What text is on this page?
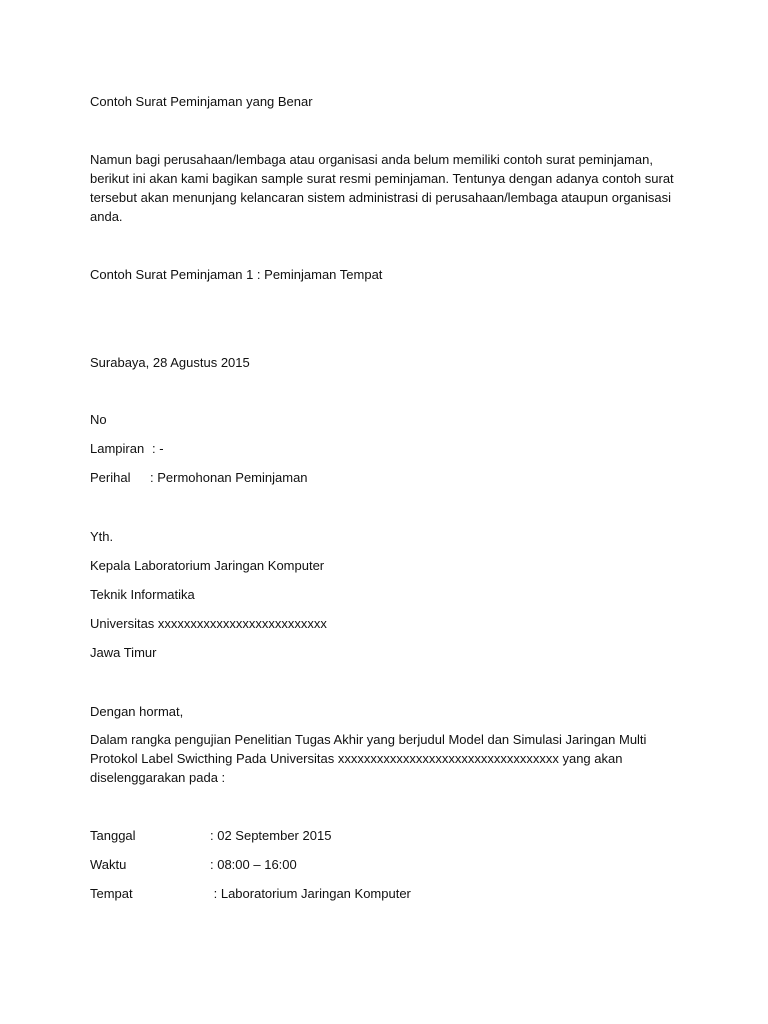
Contoh Surat Peminjaman yang Benar
Namun bagi perusahaan/lembaga atau organisasi anda belum memiliki contoh surat peminjaman,
berikut ini akan kami bagikan sample surat resmi peminjaman. Tentunya dengan adanya contoh surat
tersebut akan menunjang kelancaran sistem administrasi di perusahaan/lembaga ataupun organisasi
anda.
Contoh Surat Peminjaman 1 : Peminjaman Tempat
Surabaya, 28 Agustus 2015
No
Lampiran : -
Perihal : Permohonan Peminjaman
Yth.
Kepala Laboratorium Jaringan Komputer
Teknik Informatika
Universitas xxxxxxxxxxxxxxxxxxxxxxxxxx
Jawa Timur
Dengan hormat,
Dalam rangka pengujian Penelitian Tugas Akhir yang berjudul Model dan Simulasi Jaringan Multi
Protokol Label Swicthing Pada Universitas xxxxxxxxxxxxxxxxxxxxxxxxxxxxxxxxxx yang akan
diselenggarakan pada :
Tanggal	: 02 September 2015
Waktu	: 08:00 – 16:00
Tempat	: Laboratorium Jaringan Komputer
